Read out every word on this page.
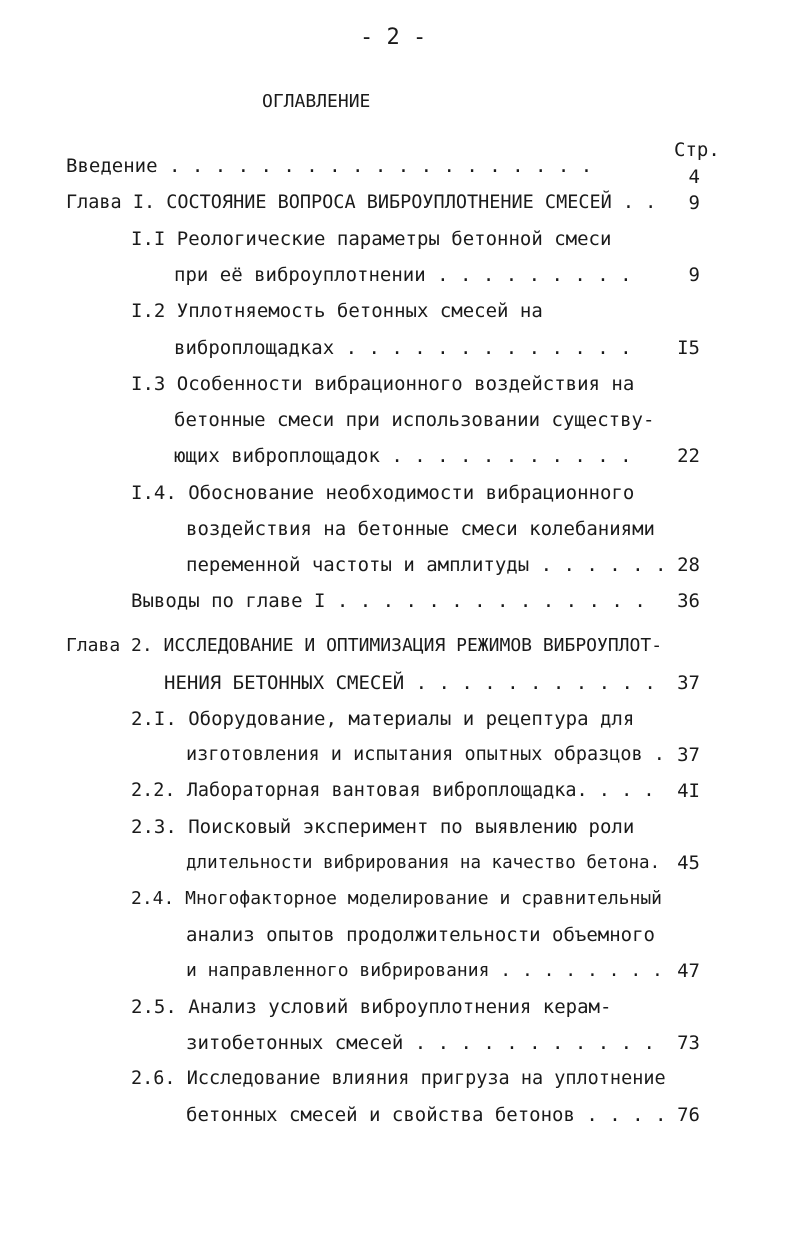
- 2 -
ОГЛАВЛЕНИЕ
Стр.
Введение . . . . . . . . . . . . . . . . . . .	4
Глава I. СОСТОЯНИЕ ВОПРОСА ВИБРОУПЛОТНЕНИЕ СМЕСЕЙ . .	9
I.I Реологические параметры бетонной смеси
при её виброуплотнении . . . . . . . . .	9
I.2 Уплотняемость бетонных смесей на
виброплощадках . . . . . . . . . . . . .	I5
I.3 Особенности вибрационного воздействия на
бетонные смеси при использовании существу-
ющих виброплощадок . . . . . . . . . . .	22
I.4. Обоснование необходимости вибрационного
воздействия на бетонные смеси колебаниями
переменной частоты и амплитуды . . . . . . 28
Выводы по главе I . . . . . . . . . . . . . .	36
Глава 2. ИССЛЕДОВАНИЕ И ОПТИМИЗАЦИЯ РЕЖИМОВ ВИБРОУПЛОТ-
НЕНИЯ БЕТОННЫХ СМЕСЕЙ . . . . . . . . . . .	37
2.I. Оборудование, материалы и рецептура для
изготовления и испытания опытных образцов . 37
2.2. Лабораторная вантовая виброплощадка. . . .	4I
2.3. Поисковый эксперимент по выявлению роли
длительности вибрирования на качество бетона. 45
2.4. Многофакторное моделирование и сравнительный
анализ опытов продолжительности объемного
и направленного вибрирования . . . . . . . . 47
2.5. Анализ условий виброуплотнения керам-
зитобетонных смесей . . . . . . . . . . .	73
2.6. Исследование влияния пригруза на уплотнение
бетонных смесей и свойства бетонов . . . . 76
